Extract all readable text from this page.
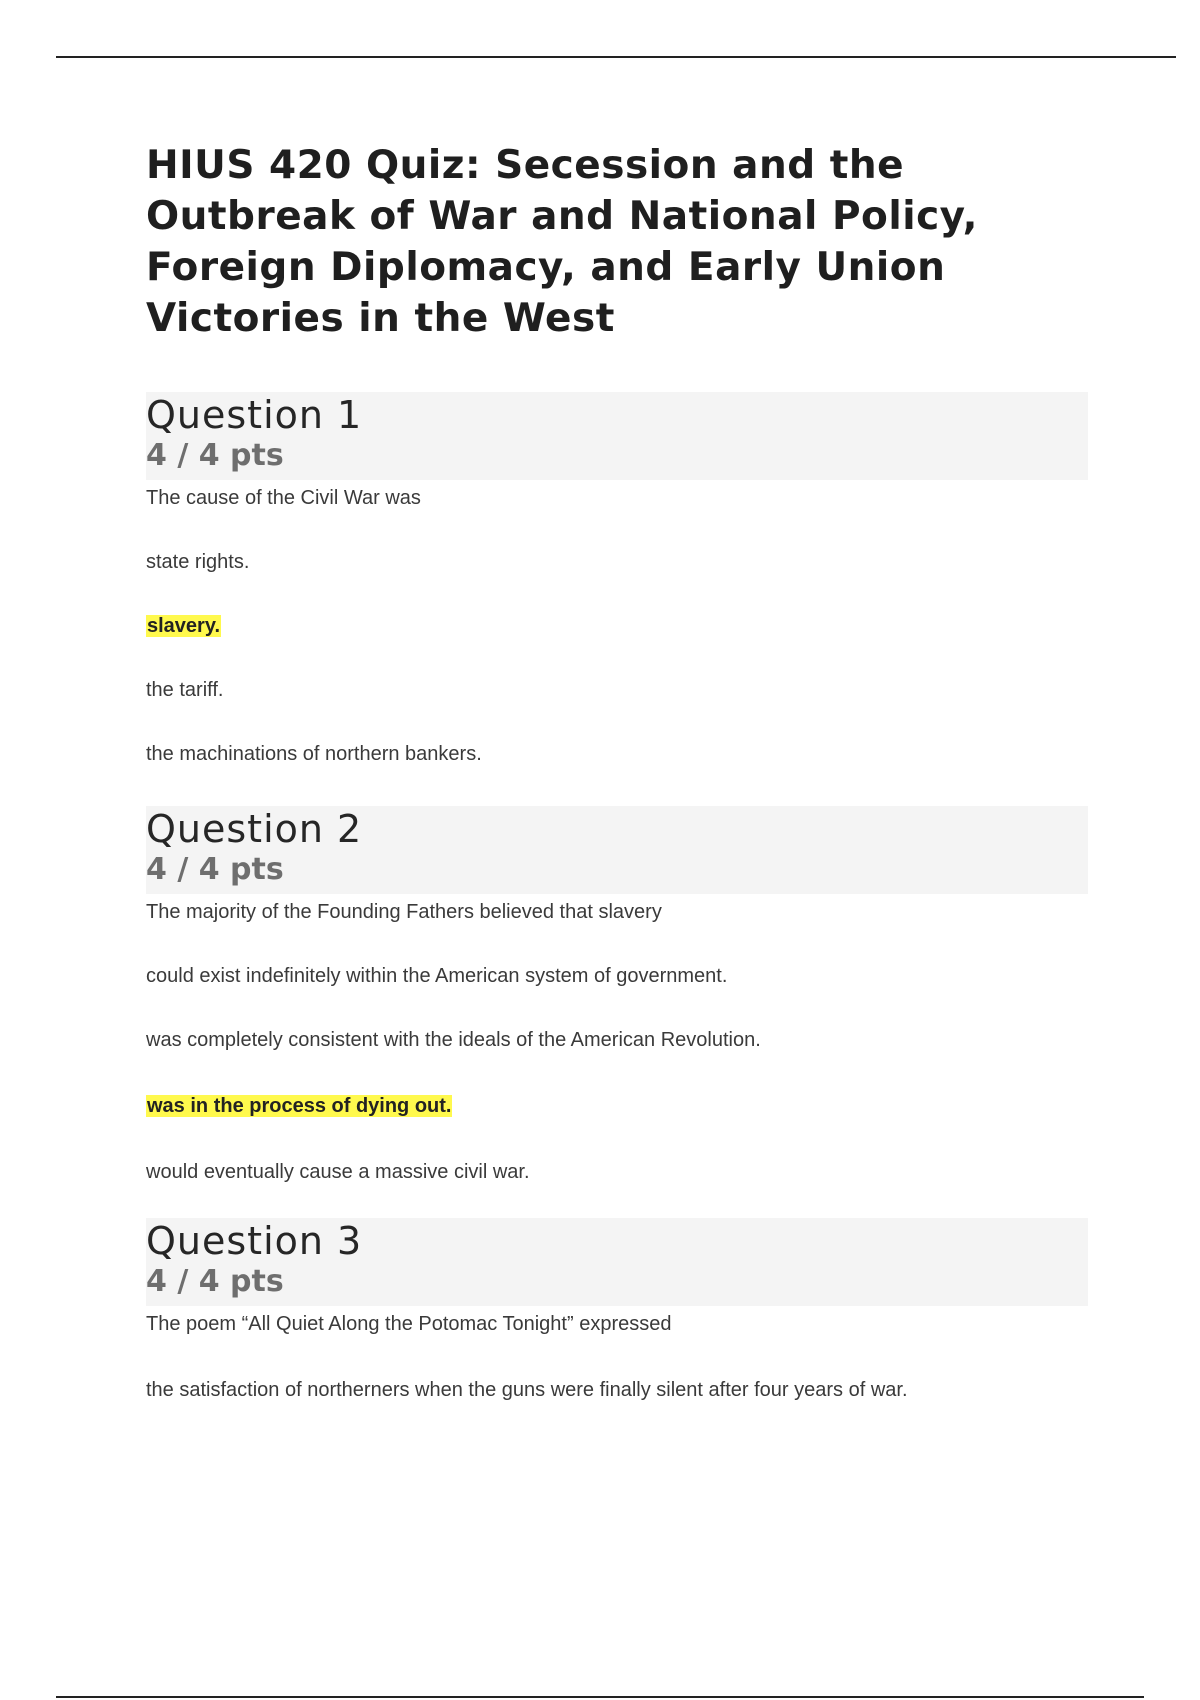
HIUS 420 Quiz: Secession and the Outbreak of War and National Policy, Foreign Diplomacy, and Early Union Victories in the West
Question 1
4 / 4 pts

The cause of the Civil War was

state rights.

slavery.

the tariff.

the machinations of northern bankers.

Question 2
4 / 4 pts

The majority of the Founding Fathers believed that slavery

could exist indefinitely within the American system of government.

was completely consistent with the ideals of the American Revolution.

was in the process of dying out.

would eventually cause a massive civil war.

Question 3
4 / 4 pts

The poem “All Quiet Along the Potomac Tonight” expressed

the satisfaction of northerners when the guns were finally silent after four years of war.
